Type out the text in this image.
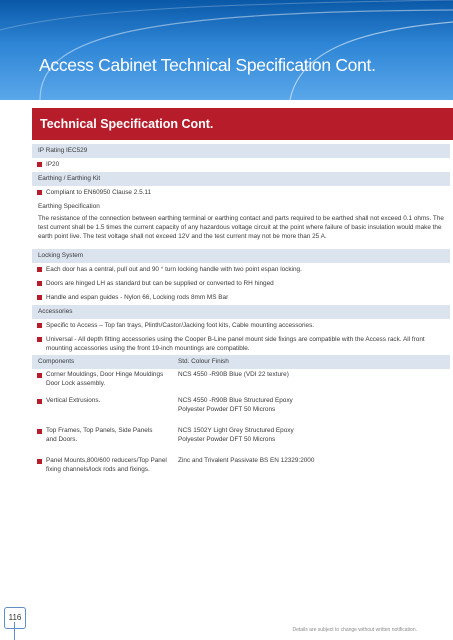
Access Cabinet Technical Specification Cont.
Technical Specification Cont.
IP Rating IEC529
IP20
Earthing / Earthing Kit
Compliant to EN60950 Clause 2.5.11
Earthing Specification
The resistance of the connection between earthing terminal or earthing contact and parts required to be earthed shall not exceed 0.1 ohms. The test current shall be 1.5 times the current capacity of any hazardous voltage circuit at the point where failure of basic insulation would make the earth point live. The test voltage shall not exceed 12V and the test current may not be more than 25 A.
Locking System
Each door has a central, pull out and 90 ° turn locking handle with two point espan locking.
Doors are hinged LH as standard but can be supplied or converted to RH hinged
Handle and espan guides - Nylon 66, Locking rods 8mm MS Bar
Accessories
Specific to Access – Top fan trays, Plinth/Castor/Jacking foot kits, Cable mounting accessories.
Universal - All depth fitting accessories using the Cooper B-Line panel mount side fixings are compatible with the Access rack. All front mounting accessories using the front 19-inch mountings are compatible.
Components	Std. Colour Finish
Corner Mouldings, Door Hinge Mouldings Door Lock assembly.
NCS 4550 -R90B Blue (VDI 22 texture)
Vertical Extrusions.	NCS 4550 -R90B Blue Structured Epoxy Polyester Powder DFT 50 Microns
Top Frames, Top Panels, Side Panels and Doors.
NCS 1502Y Light Grey Structured Epoxy Polyester Powder DFT 50 Microns
Panel Mounts,800/600 reducers/Top Panel fixing channels/lock rods and fixings.
Zinc and Trivalent Passivate BS EN 12329:2000
116
Details are subject to change without written notification.
